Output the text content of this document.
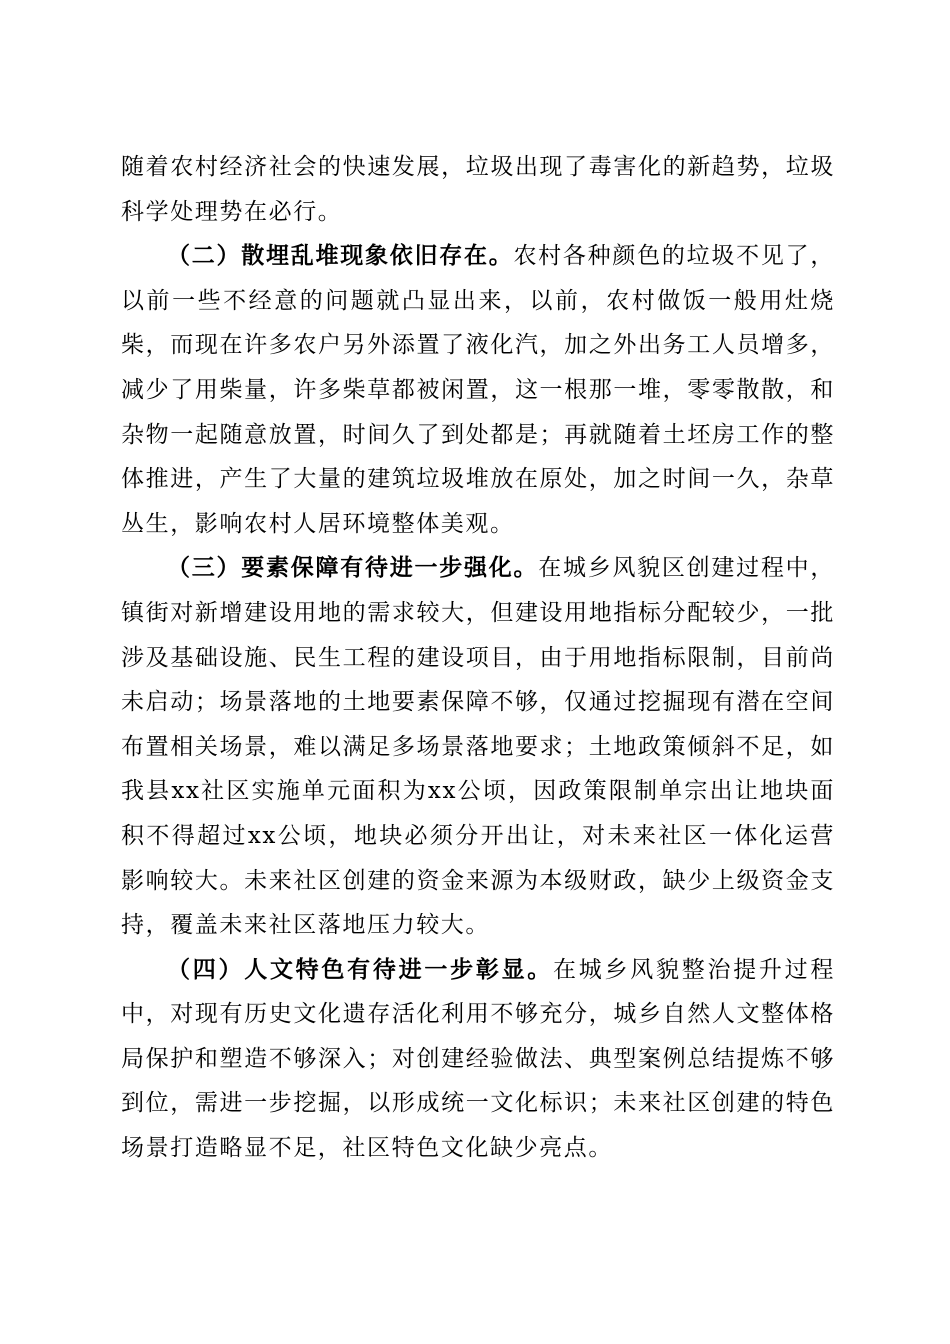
随着农村经济社会的快速发展，垃圾出现了毒害化的新趋势，垃圾科学处理势在必行。

（二）散埋乱堆现象依旧存在。农村各种颜色的垃圾不见了，以前一些不经意的问题就凸显出来，以前，农村做饭一般用灶烧柴，而现在许多农户另外添置了液化汽，加之外出务工人员增多，减少了用柴量，许多柴草都被闲置，这一根那一堆，零零散散，和杂物一起随意放置，时间久了到处都是；再就随着土坯房工作的整体推进，产生了大量的建筑垃圾堆放在原处，加之时间一久，杂草丛生，影响农村人居环境整体美观。

（三）要素保障有待进一步强化。在城乡风貌区创建过程中，镇街对新增建设用地的需求较大，但建设用地指标分配较少，一批涉及基础设施、民生工程的建设项目，由于用地指标限制，目前尚未启动；场景落地的土地要素保障不够，仅通过挖掘现有潜在空间布置相关场景，难以满足多场景落地要求；土地政策倾斜不足，如我县xx社区实施单元面积为xx公顷，因政策限制单宗出让地块面积不得超过xx公顷，地块必须分开出让，对未来社区一体化运营影响较大。未来社区创建的资金来源为本级财政，缺少上级资金支持，覆盖未来社区落地压力较大。

（四）人文特色有待进一步彰显。在城乡风貌整治提升过程中，对现有历史文化遗存活化利用不够充分，城乡自然人文整体格局保护和塑造不够深入；对创建经验做法、典型案例总结提炼不够到位，需进一步挖掘，以形成统一文化标识；未来社区创建的特色场景打造略显不足，社区特色文化缺少亮点。
